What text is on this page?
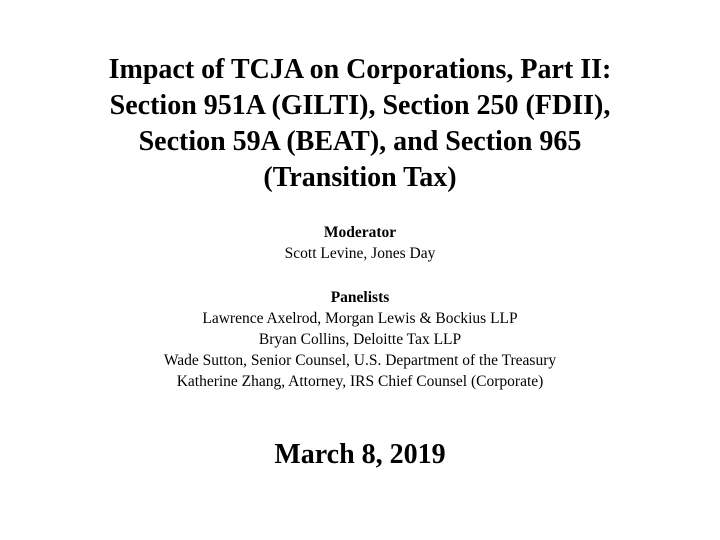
Impact of TCJA on Corporations, Part II:
Section 951A (GILTI), Section 250 (FDII),
Section 59A (BEAT), and Section 965
(Transition Tax)
Moderator
Scott Levine, Jones Day
Panelists
Lawrence Axelrod, Morgan Lewis & Bockius LLP
Bryan Collins, Deloitte Tax LLP
Wade Sutton, Senior Counsel, U.S. Department of the Treasury
Katherine Zhang, Attorney, IRS Chief Counsel (Corporate)
March 8, 2019
